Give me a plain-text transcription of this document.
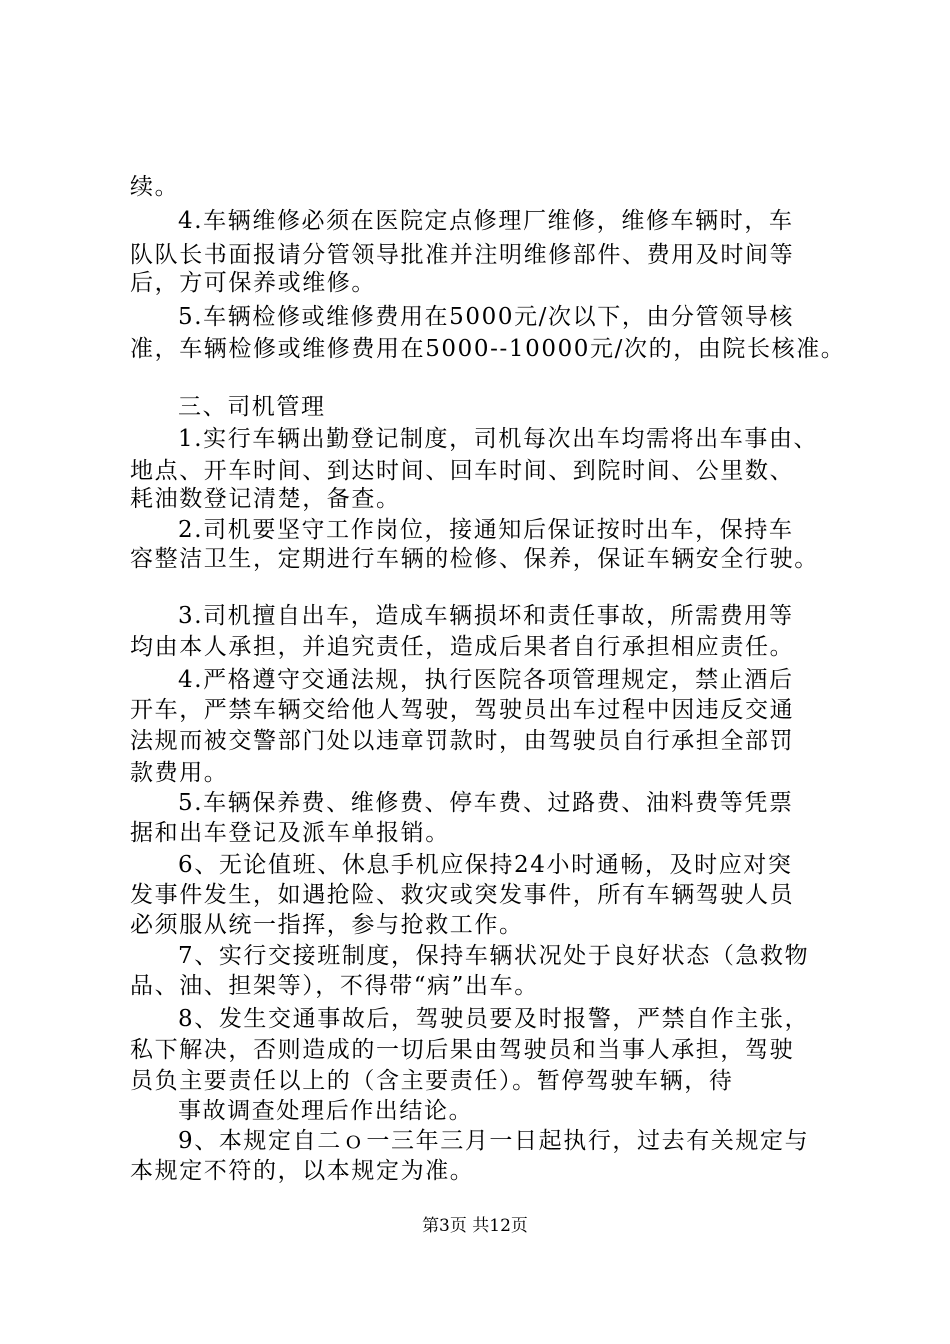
续。
4.车辆维修必须在医院定点修理厂维修，维修车辆时，车
队队长书面报请分管领导批准并注明维修部件、费用及时间等
后，方可保养或维修。
5.车辆检修或维修费用在5000元/次以下，由分管领导核
准，车辆检修或维修费用在5000--10000元/次的，由院长核准。
三、司机管理
1.实行车辆出勤登记制度，司机每次出车均需将出车事由、
地点、开车时间、到达时间、回车时间、到院时间、公里数、
耗油数登记清楚，备查。
2.司机要坚守工作岗位，接通知后保证按时出车，保持车
容整洁卫生，定期进行车辆的检修、保养，保证车辆安全行驶。
3.司机擅自出车，造成车辆损坏和责任事故，所需费用等
均由本人承担，并追究责任，造成后果者自行承担相应责任。
4.严格遵守交通法规，执行医院各项管理规定，禁止酒后
开车，严禁车辆交给他人驾驶，驾驶员出车过程中因违反交通
法规而被交警部门处以违章罚款时，由驾驶员自行承担全部罚
款费用。
5.车辆保养费、维修费、停车费、过路费、油料费等凭票
据和出车登记及派车单报销。
6、无论值班、休息手机应保持24小时通畅，及时应对突
发事件发生，如遇抢险、救灾或突发事件，所有车辆驾驶人员
必须服从统一指挥，参与抢救工作。
7、实行交接班制度，保持车辆状况处于良好状态（急救物
品、油、担架等），不得带“病”出车。
8、发生交通事故后，驾驶员要及时报警，严禁自作主张，
私下解决，否则造成的一切后果由驾驶员和当事人承担，驾驶
员负主要责任以上的（含主要责任）。暂停驾驶车辆，待
事故调查处理后作出结论。
9、本规定自二ｏ一三年三月一日起执行，过去有关规定与
本规定不符的，以本规定为准。
第3页 共12页
